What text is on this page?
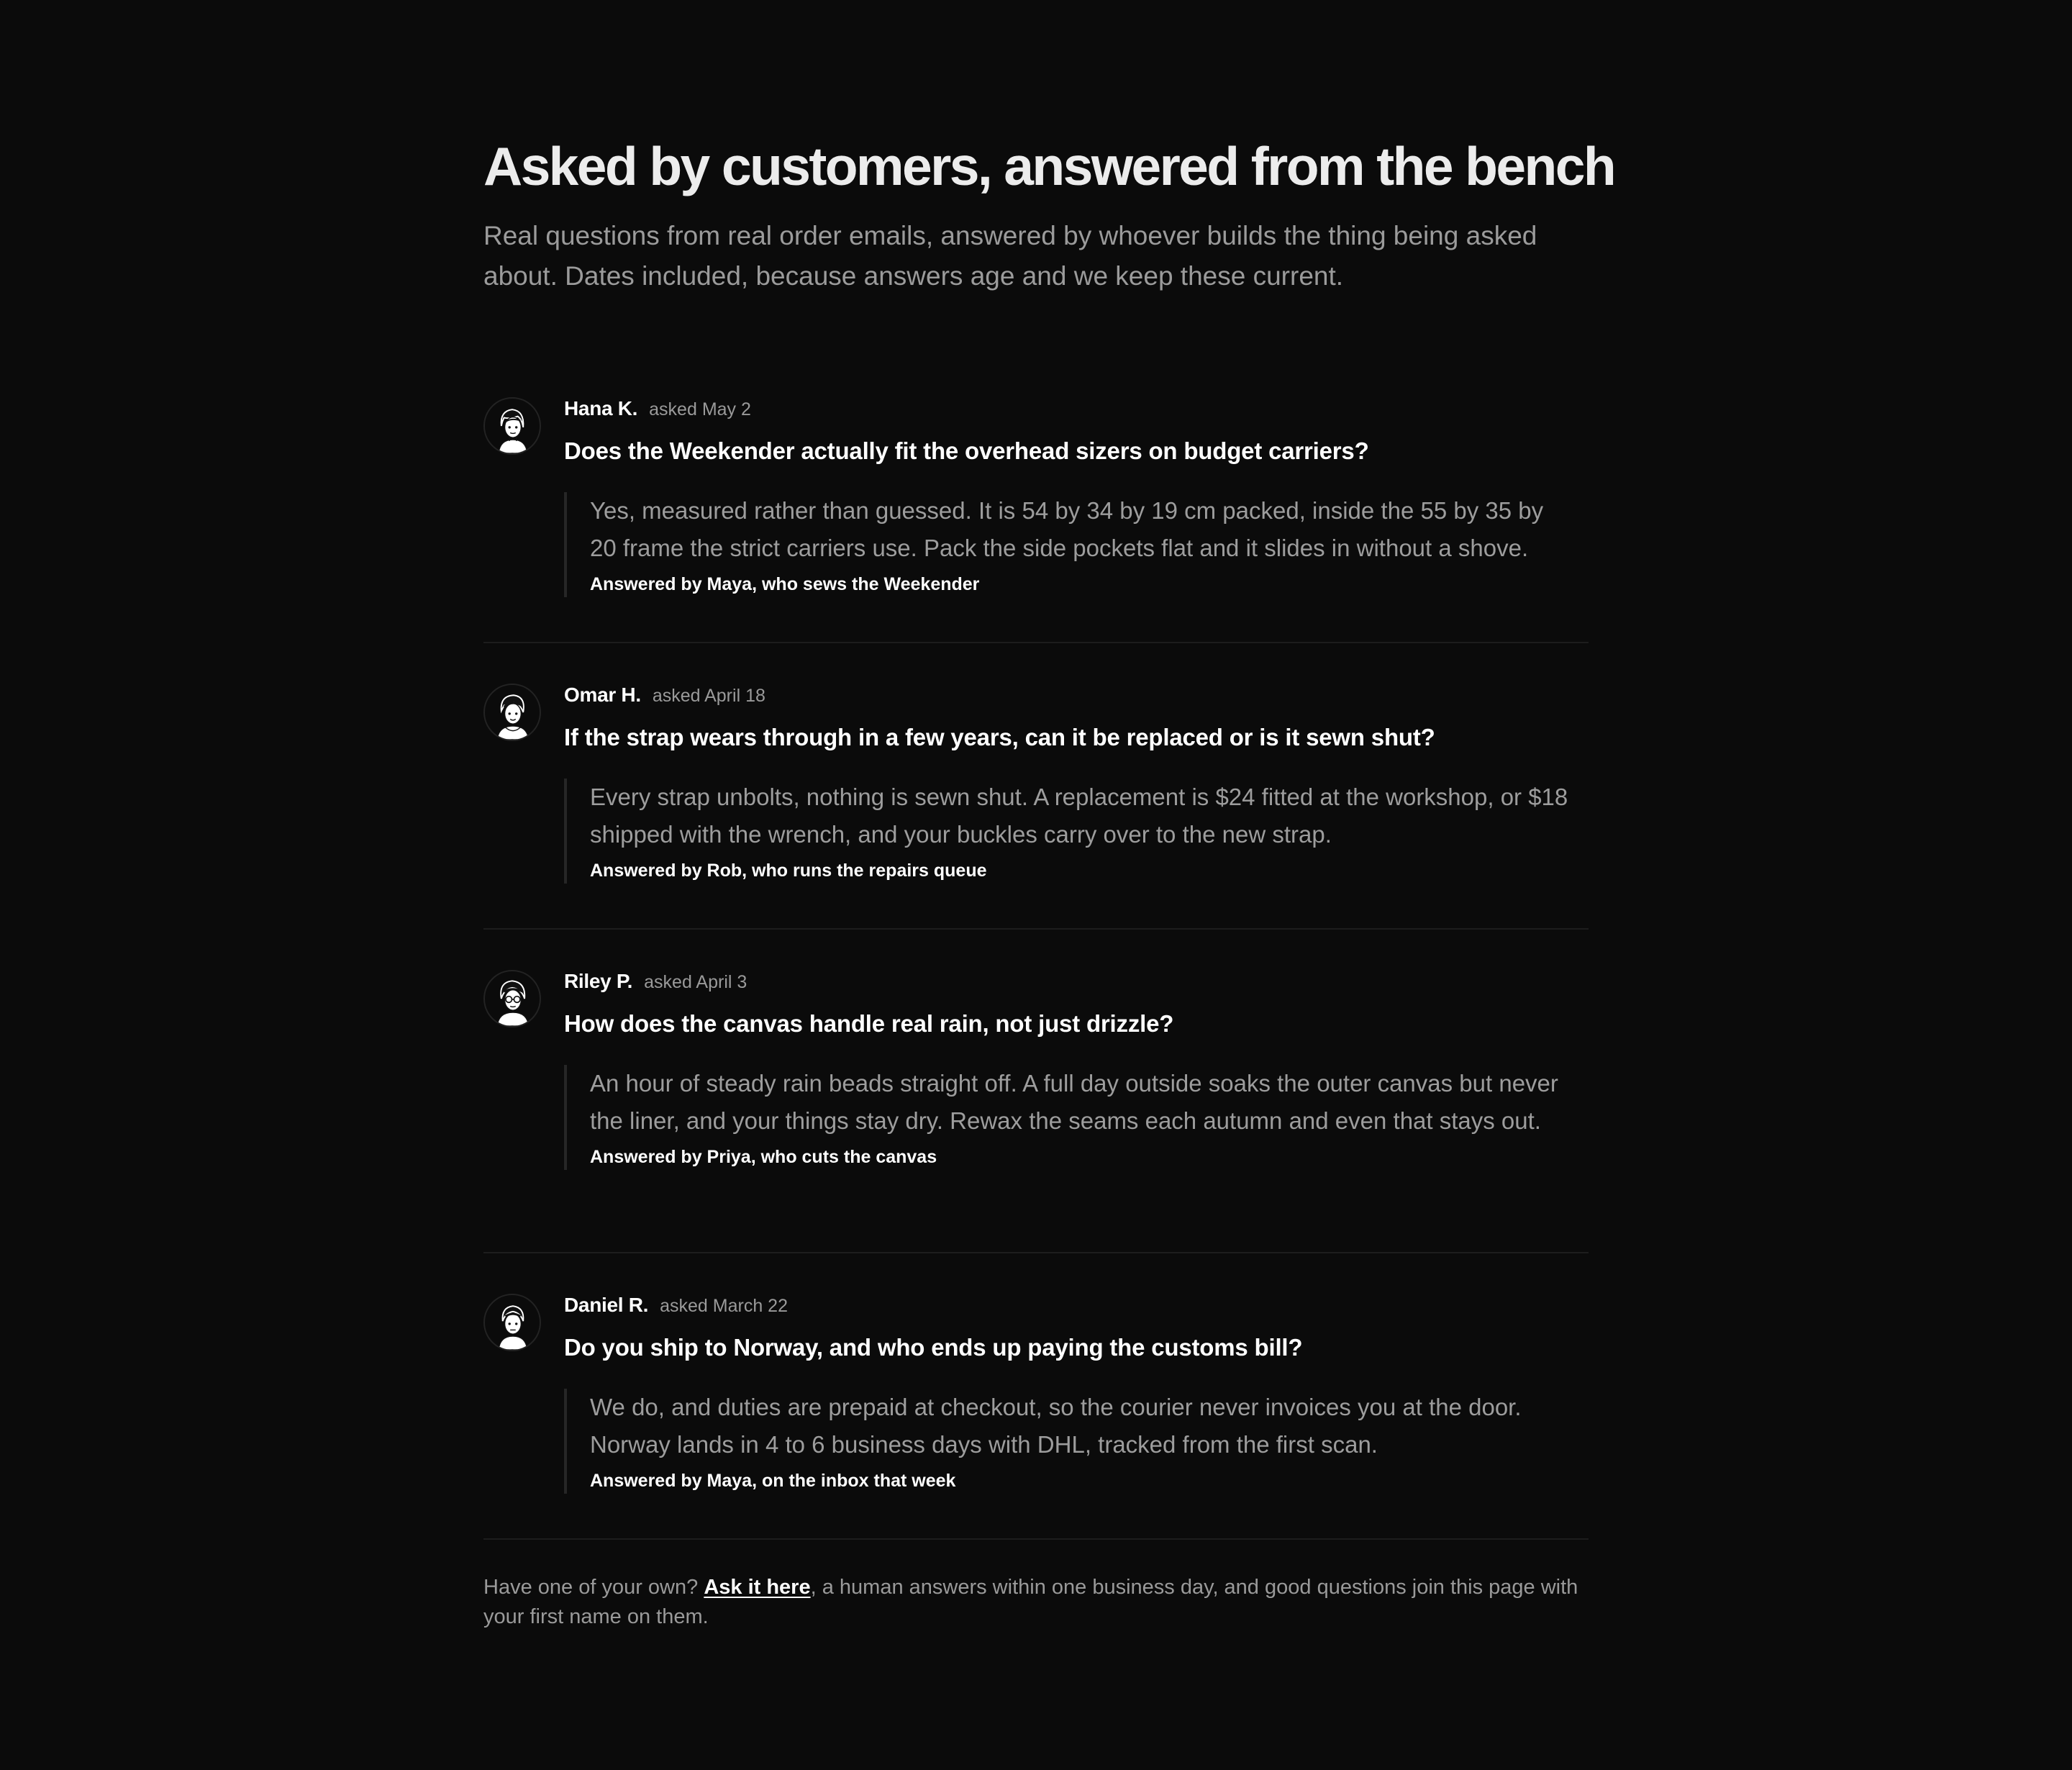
Asked by customers, answered from the bench

Real questions from real order emails, answered by whoever builds the thing being asked about. Dates included, because answers age and we keep these current.

Hana K. asked May 2
Does the Weekender actually fit the overhead sizers on budget carriers?

Yes, measured rather than guessed. It is 54 by 34 by 19 cm packed, inside the 55 by 35 by 20 frame the strict carriers use. Pack the side pockets flat and it slides in without a shove.

Answered by Maya, who sews the Weekender
Omar H. asked April 18
If the strap wears through in a few years, can it be replaced or is it sewn shut?

Every strap unbolts, nothing is sewn shut. A replacement is $24 fitted at the workshop, or $18 shipped with the wrench, and your buckles carry over to the new strap.

Answered by Rob, who runs the repairs queue
Riley P. asked April 3
How does the canvas handle real rain, not just drizzle?

An hour of steady rain beads straight off. A full day outside soaks the outer canvas but never the liner, and your things stay dry. Rewax the seams each autumn and even that stays out.

Answered by Priya, who cuts the canvas
Daniel R. asked March 22
Do you ship to Norway, and who ends up paying the customs bill?

We do, and duties are prepaid at checkout, so the courier never invoices you at the door. Norway lands in 4 to 6 business days with DHL, tracked from the first scan.

Answered by Maya, on the inbox that week

Have one of your own? Ask it here, a human answers within one business day, and good questions join this page with your first name on them.
